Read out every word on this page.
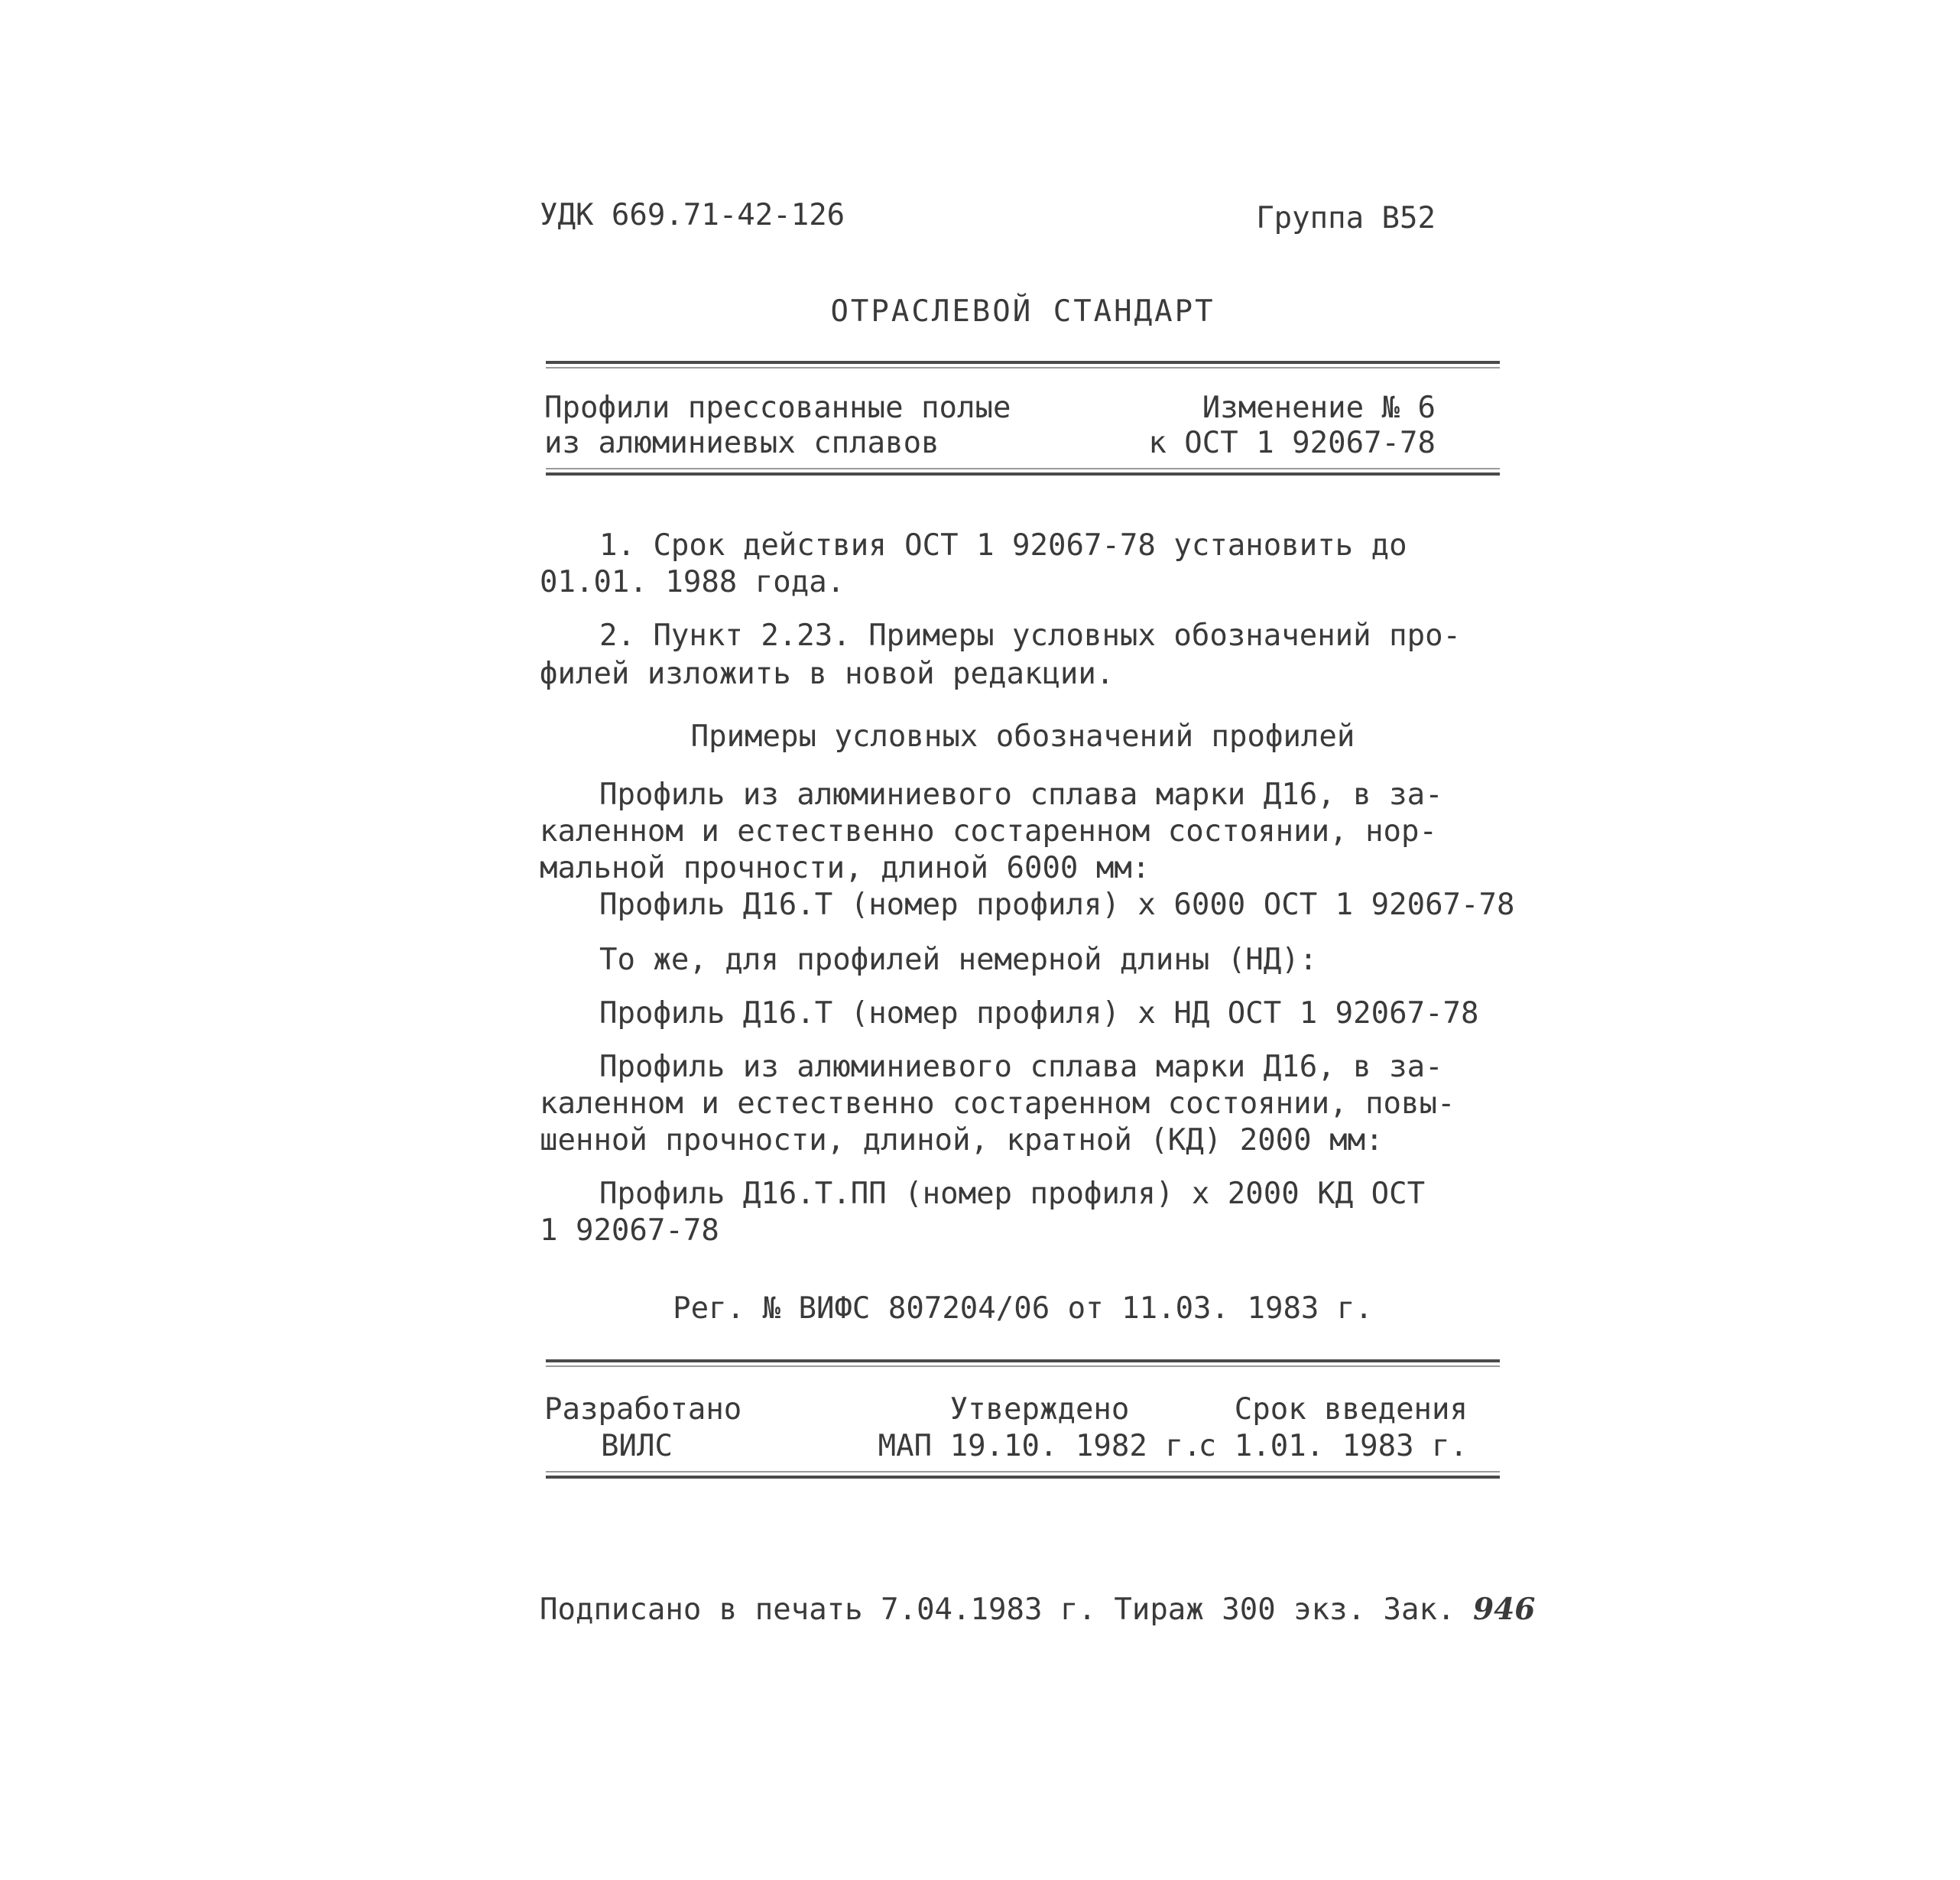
УДК 669.71-42-126	Группа В52
ОТРАСЛЕВОЙ СТАНДАРТ
Профили прессованные полые
из алюминиевых сплавов
Изменение № 6
к ОСТ 1 92067-78
1. Срок действия ОСТ 1 92067-78 установить до
01.01. 1988 года.
2. Пункт 2.23. Примеры условных обозначений про-
филей изложить в новой редакции.
Примеры условных обозначений профилей
Профиль из алюминиевого сплава марки Д16, в за-
каленном и естественно состаренном состоянии, нор-
мальной прочности, длиной 6000 мм:
Профиль Д16.Т (номер профиля) х 6000 ОСТ 1 92067-78
То же, для профилей немерной длины (НД):
Профиль Д16.Т (номер профиля) х НД ОСТ 1 92067-78
Профиль из алюминиевого сплава марки Д16, в за-
каленном и естественно состаренном состоянии, повы-
шенной прочности, длиной, кратной (КД) 2000 мм:
Профиль Д16.Т.ПП (номер профиля) х 2000 КД ОСТ
1 92067-78
Рег. № ВИФС 807204/06 от 11.03. 1983 г.
Разработано
ВИЛС
Утверждено
МАП 19.10. 1982 г.
Срок введения
с 1.01. 1983 г.
Подписано в печать 7.04.1983 г. Тираж 300 экз. Зак. 946
